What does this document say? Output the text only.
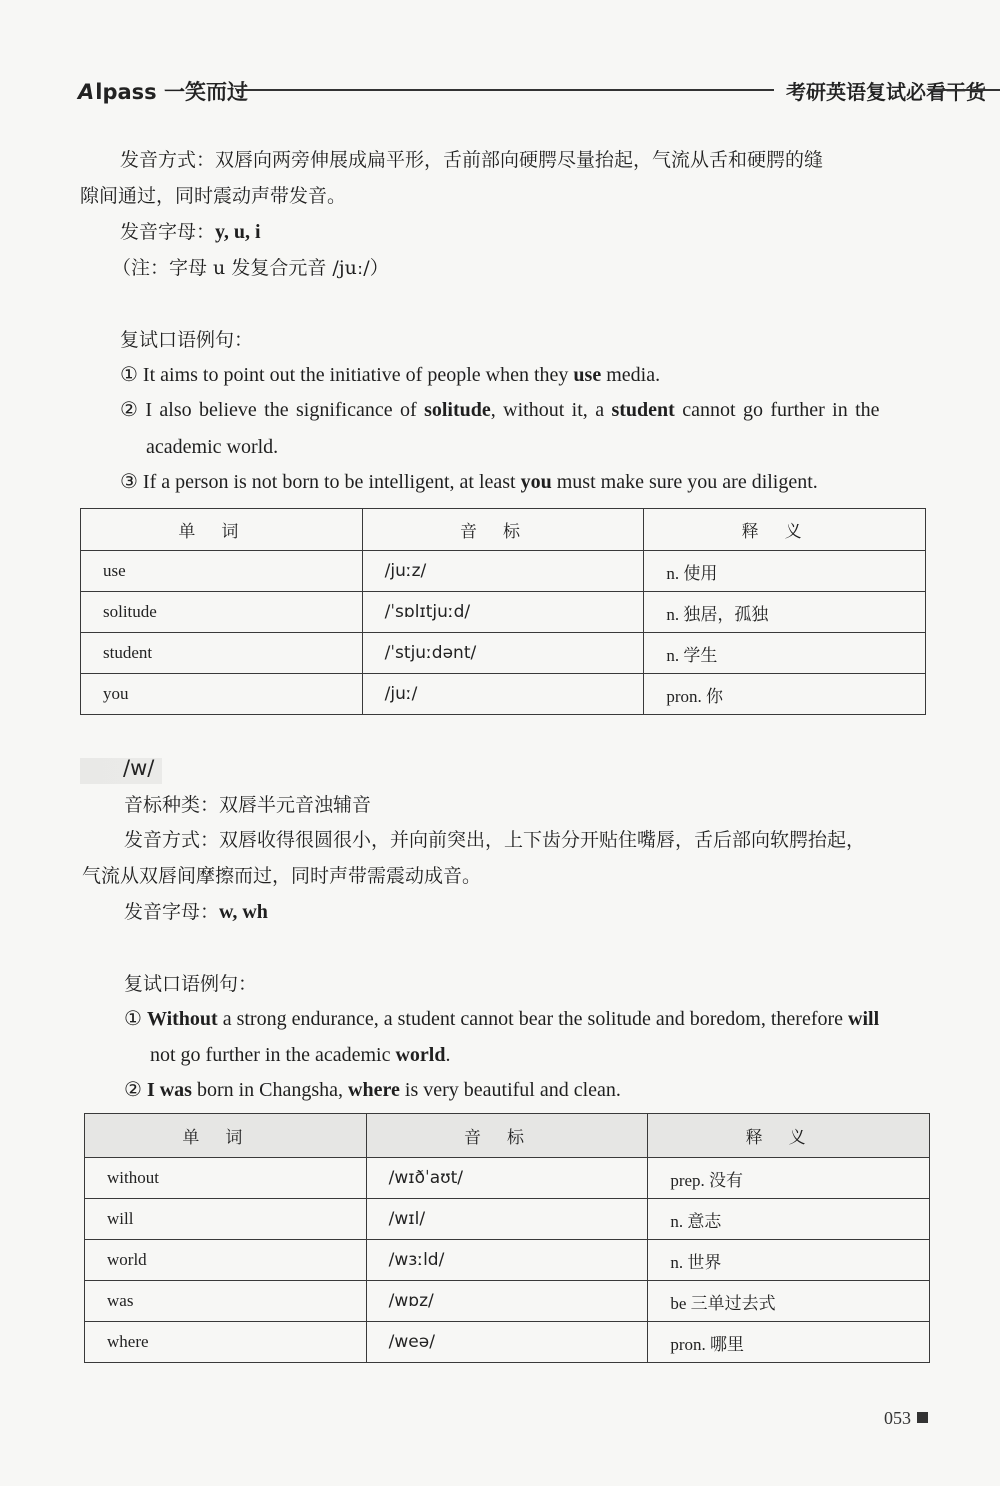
Alpass 一笑而过	考研英语复试必看干货
发音方式：双唇向两旁伸展成扁平形，舌前部向硬腭尽量抬起，气流从舌和硬腭的缝
隙间通过，同时震动声带发音。
发音字母：y, u, i
（注：字母 u 发复合元音 /juː/）
复试口语例句：
① It aims to point out the initiative of people when they use media.
② I also believe the significance of solitude, without it, a student cannot go further in the
academic world.
③ If a person is not born to be intelligent, at least you must make sure you are diligent.
单词	音标	释义
use	/juːz/	n. 使用
solitude	/ˈsɒlɪtjuːd/	n. 独居，孤独
student	/ˈstjuːdənt/	n. 学生
you	/juː/	pron. 你
/w/
音标种类：双唇半元音浊辅音
发音方式：双唇收得很圆很小，并向前突出，上下齿分开贴住嘴唇，舌后部向软腭抬起，
气流从双唇间摩擦而过，同时声带需震动成音。
发音字母：w, wh
复试口语例句：
① Without a strong endurance, a student cannot bear the solitude and boredom, therefore will
not go further in the academic world.
② I was born in Changsha, where is very beautiful and clean.
单词	音标	释义
without	/wɪðˈaʊt/	prep. 没有
will	/wɪl/	n. 意志
world	/wɜːld/	n. 世界
was	/wɒz/	be 三单过去式
where	/weə/	pron. 哪里
053
